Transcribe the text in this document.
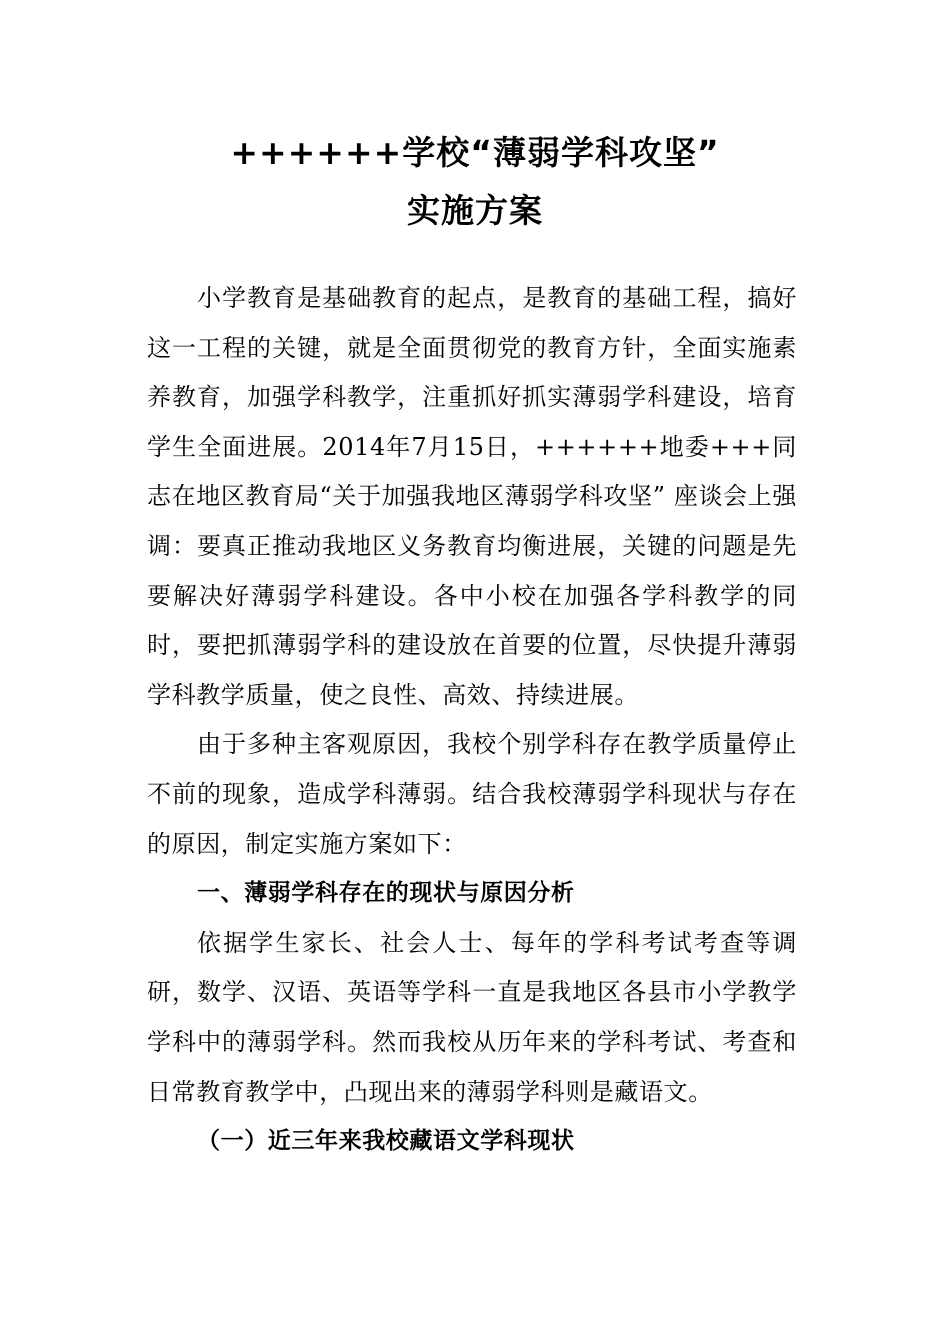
++++++学校“薄弱学科攻坚”
实施方案

小学教育是基础教育的起点，是教育的基础工程，搞好这一工程的关键，就是全面贯彻党的教育方针，全面实施素养教育，加强学科教学，注重抓好抓实薄弱学科建设，培育学生全面进展。2014年7月15日，++++++地委+++同志在地区教育局“关于加强我地区薄弱学科攻坚” 座谈会上强调：要真正推动我地区义务教育均衡进展，关键的问题是先要解决好薄弱学科建设。各中小校在加强各学科教学的同时，要把抓薄弱学科的建设放在首要的位置，尽快提升薄弱学科教学质量，使之良性、高效、持续进展。

由于多种主客观原因，我校个别学科存在教学质量停止不前的现象，造成学科薄弱。结合我校薄弱学科现状与存在的原因，制定实施方案如下：

一、薄弱学科存在的现状与原因分析

依据学生家长、社会人士、每年的学科考试考查等调研，数学、汉语、英语等学科一直是我地区各县市小学教学学科中的薄弱学科。然而我校从历年来的学科考试、考查和日常教育教学中，凸现出来的薄弱学科则是藏语文。

（一）近三年来我校藏语文学科现状
